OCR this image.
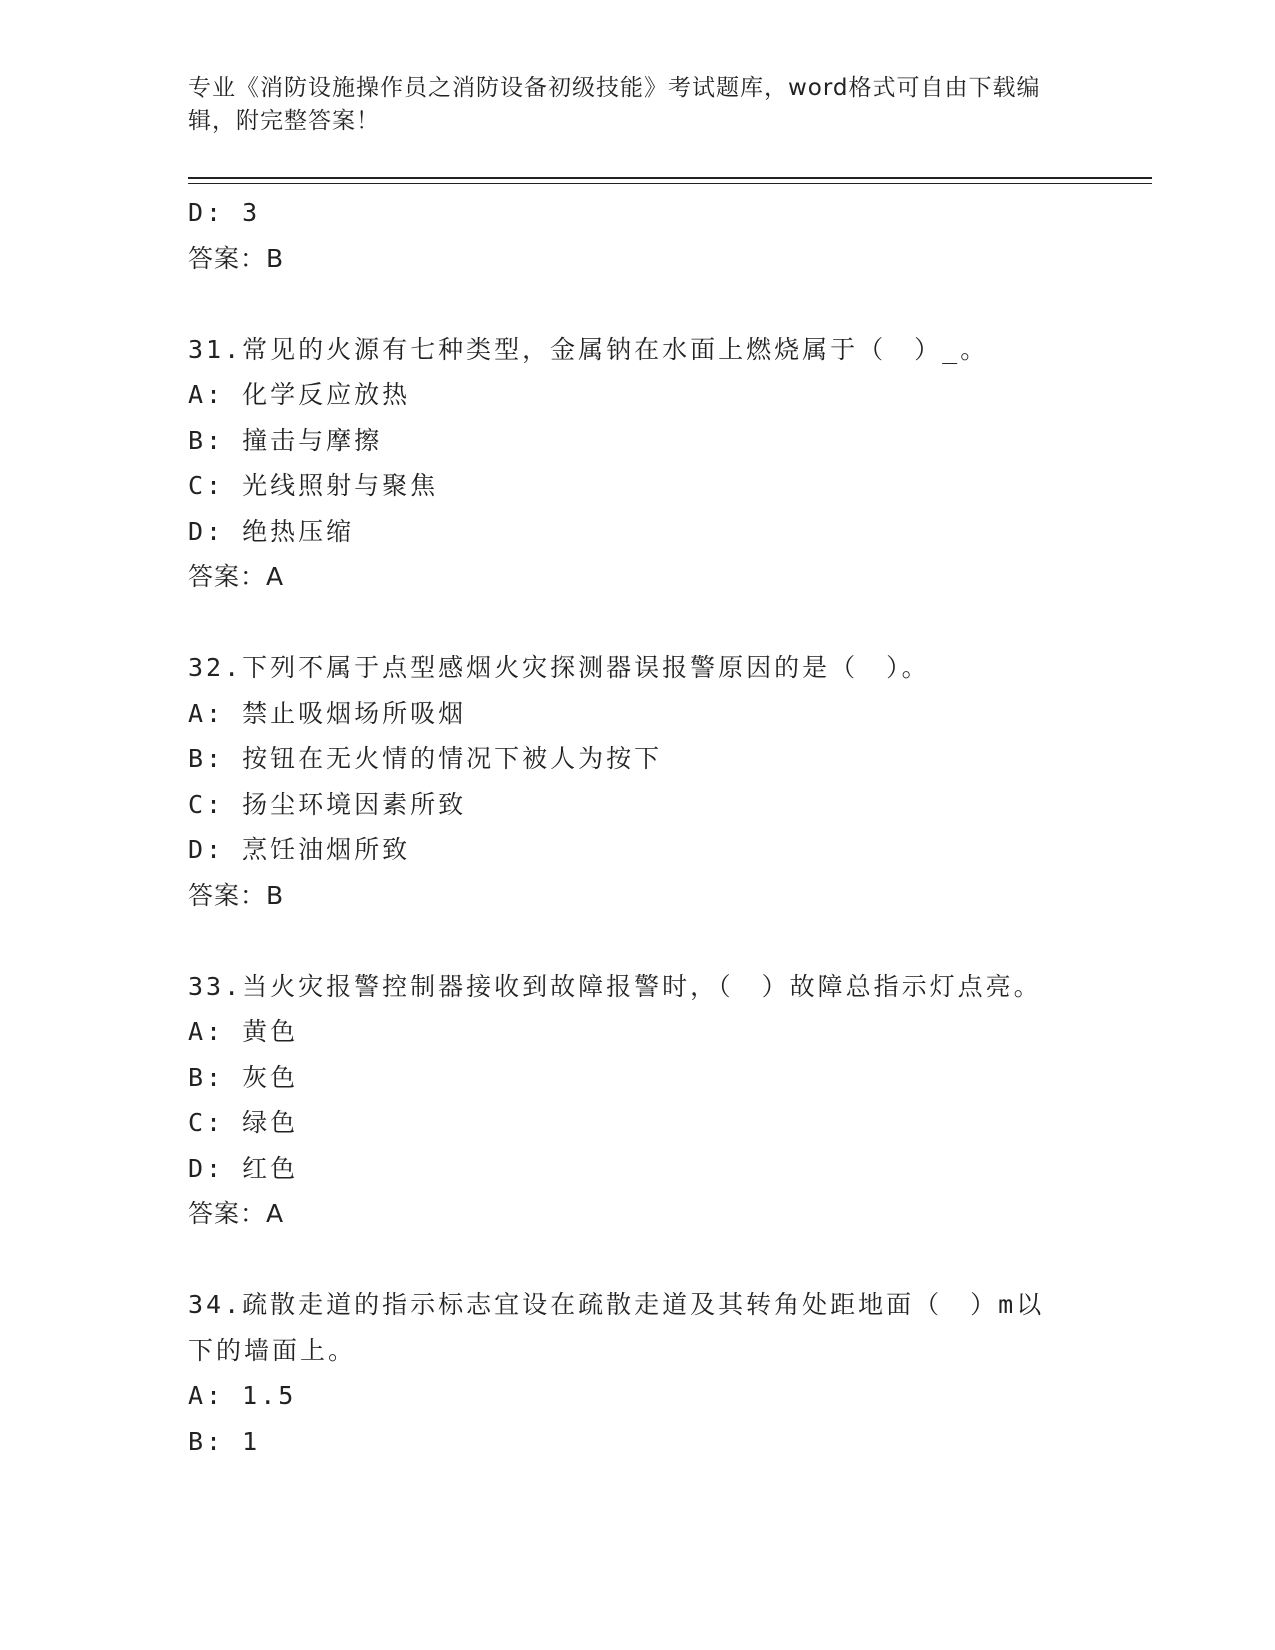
专业《消防设施操作员之消防设备初级技能》考试题库，word格式可自由下载编辑，附完整答案！
D: 3
答案：B
31.常见的火源有七种类型，金属钠在水面上燃烧属于（　）_。
A: 化学反应放热
B: 撞击与摩擦
C: 光线照射与聚焦
D: 绝热压缩
答案：A
32.下列不属于点型感烟火灾探测器误报警原因的是（　）。
A: 禁止吸烟场所吸烟
B: 按钮在无火情的情况下被人为按下
C: 扬尘环境因素所致
D: 烹饪油烟所致
答案：B
33.当火灾报警控制器接收到故障报警时，（　）故障总指示灯点亮。
A: 黄色
B: 灰色
C: 绿色
D: 红色
答案：A
34.疏散走道的指示标志宜设在疏散走道及其转角处距地面（　）m以
下的墙面上。
A: 1.5
B: 1
